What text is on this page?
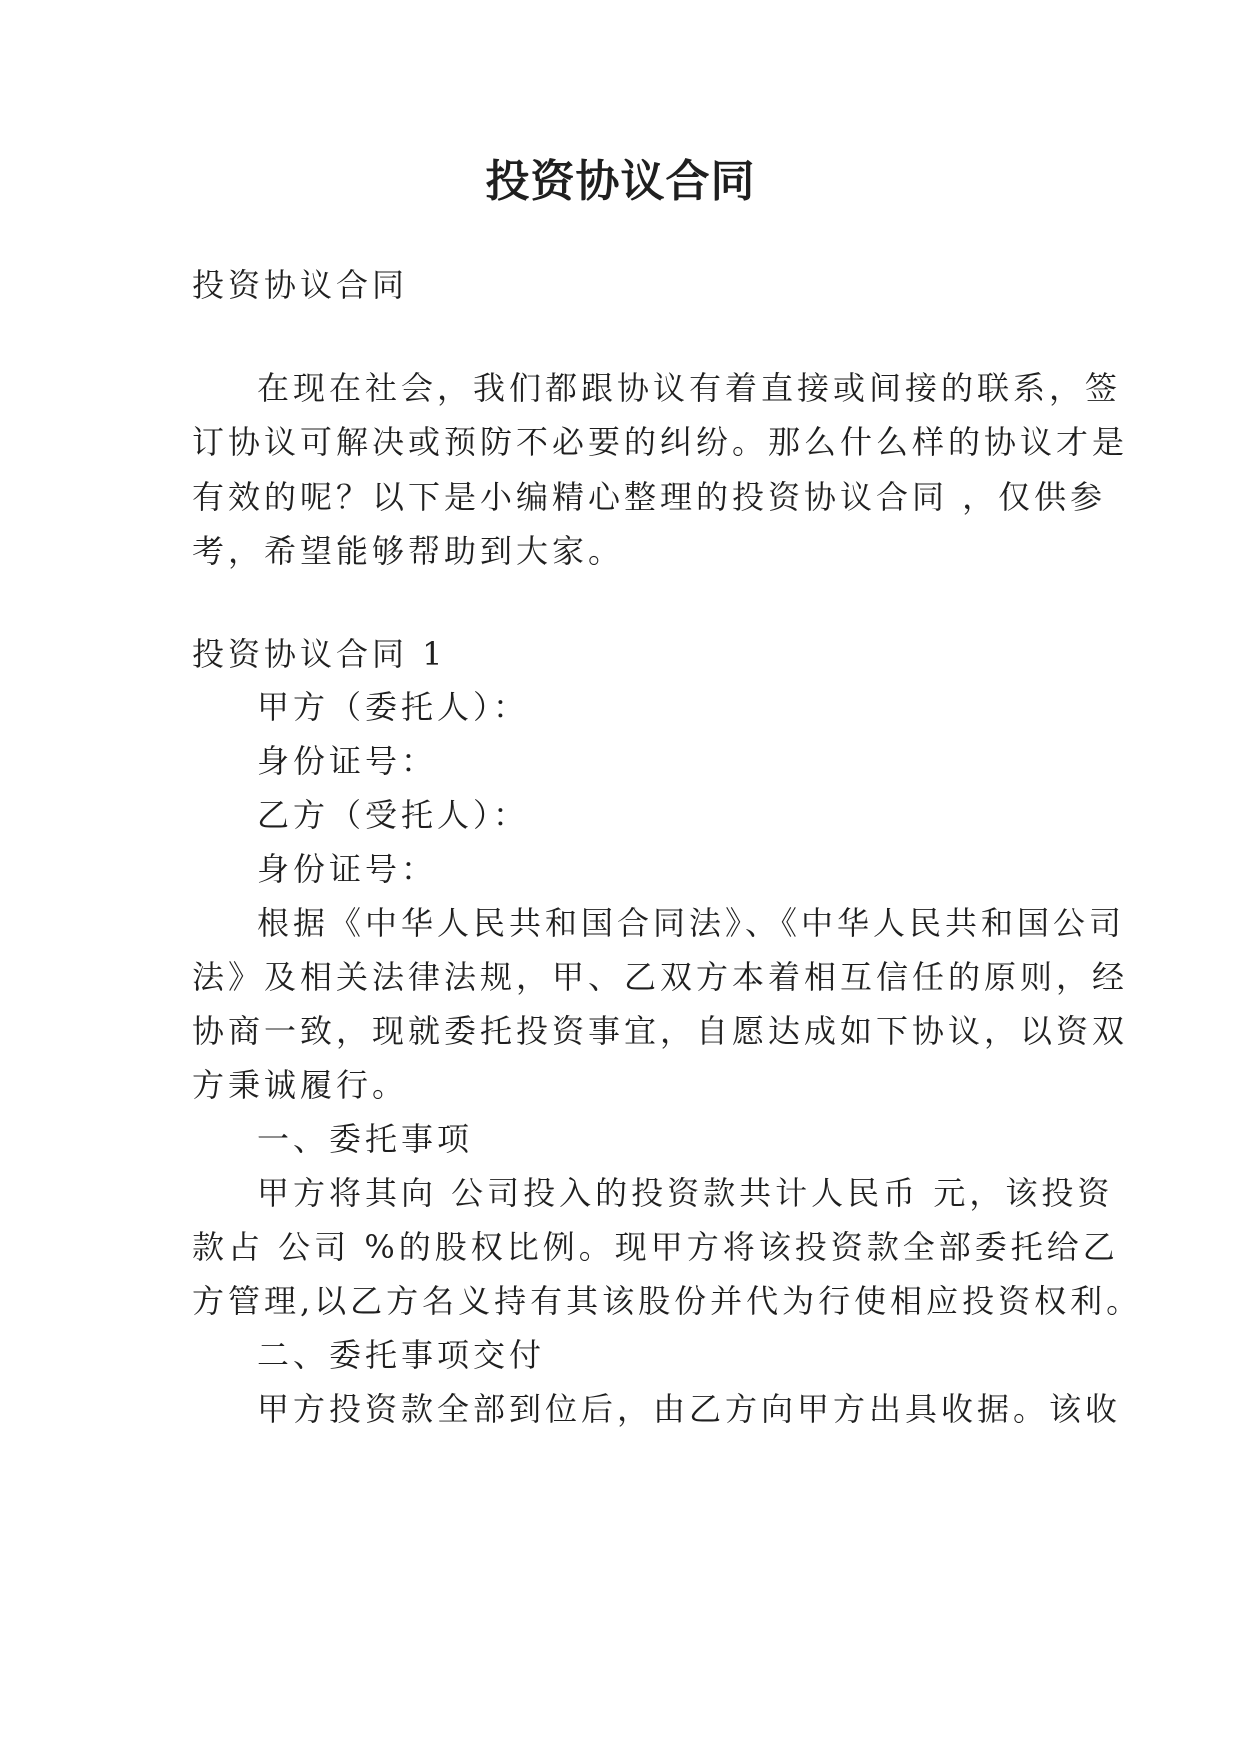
投资协议合同
投资协议合同
在现在社会，我们都跟协议有着直接或间接的联系，签
订协议可解决或预防不必要的纠纷。那么什么样的协议才是
有效的呢？以下是小编精心整理的投资协议合同 ，仅供参
考，希望能够帮助到大家。
投资协议合同 1
甲方（委托人）：
身份证号：
乙方（受托人）：
身份证号：
根据《中华人民共和国合同法》、《中华人民共和国公司
法》及相关法律法规，甲、乙双方本着相互信任的原则，经
协商一致，现就委托投资事宜，自愿达成如下协议，以资双
方秉诚履行。
一、委托事项
甲方将其向 公司投入的投资款共计人民币 元，该投资
款占 公司 %的股权比例。现甲方将该投资款全部委托给乙
方管理,以乙方名义持有其该股份并代为行使相应投资权利。
二、委托事项交付
甲方投资款全部到位后，由乙方向甲方出具收据。该收
